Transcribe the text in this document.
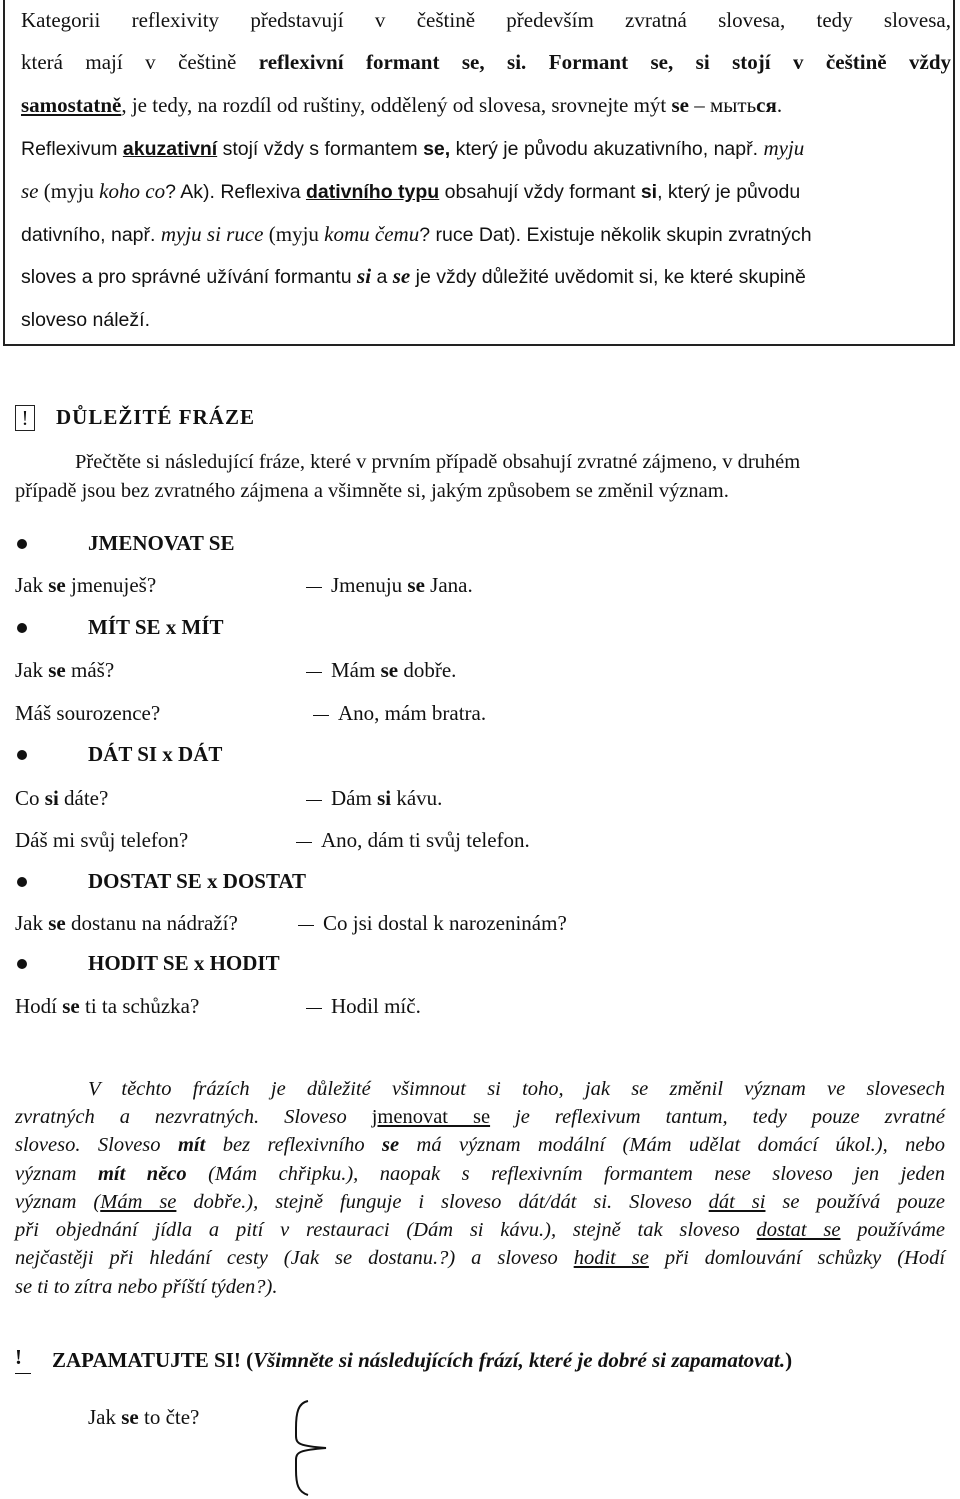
Kategorii reflexivity představují v češtině především zvratná slovesa, tedy slovesa,
která mají v češtině reflexivní formant se, si. Formant se, si stojí v češtině vždy
samostatně, je tedy, na rozdíl od ruštiny, oddělený od slovesa, srovnejte mýt se – мыться.
Reflexivum akuzativní stojí vždy s formantem se, který je původu akuzativního, např. myju
se (myju koho co? Ak). Reflexiva dativního typu obsahují vždy formant si, který je původu
dativního, např. myju si ruce (myju komu čemu? ruce Dat). Existuje několik skupin zvratných
sloves a pro správné užívání formantu si a se je vždy důležité uvědomit si, ke které skupině
sloveso náleží.
!	DŮLEŽITÉ FRÁZE
Přečtěte si následující fráze, které v prvním případě obsahují zvratné zájmeno, v druhém
případě jsou bez zvratného zájmena a všimněte si, jakým způsobem se změnil význam.
JMENOVAT SE
Jak se jmenuješ?	Jmenuju se Jana.
MÍT SE x MÍT
Jak se máš?	Mám se dobře.
Máš sourozence?	Ano, mám bratra.
DÁT SI x DÁT
Co si dáte?	Dám si kávu.
Dáš mi svůj telefon?	Ano, dám ti svůj telefon.
DOSTAT SE x DOSTAT
Jak se dostanu na nádraží?	Co jsi dostal k narozeninám?
HODIT SE x HODIT
Hodí se ti ta schůzka?	Hodil míč.
V těchto frázích je důležité všimnout si toho, jak se změnil význam ve slovesech
zvratných a nezvratných. Sloveso jmenovat se je reflexivum tantum, tedy pouze zvratné
sloveso. Sloveso mít bez reflexivního se má význam modální (Mám udělat domácí úkol.), nebo
význam mít něco (Mám chřipku.), naopak s reflexivním formantem nese sloveso jen jeden
význam (Mám se dobře.), stejně funguje i sloveso dát/dát si. Sloveso dát si se používá pouze
při objednání jídla a pití v restauraci (Dám si kávu.), stejně tak sloveso dostat se používáme
nejčastěji při hledání cesty (Jak se dostanu.?) a sloveso hodit se při domlouvání schůzky (Hodí
se ti to zítra nebo příští týden?).
!	ZAPAMATUJTE SI! (Všimněte si následujících frází, které je dobré si zapamatovat.)
Jak se to čte?
